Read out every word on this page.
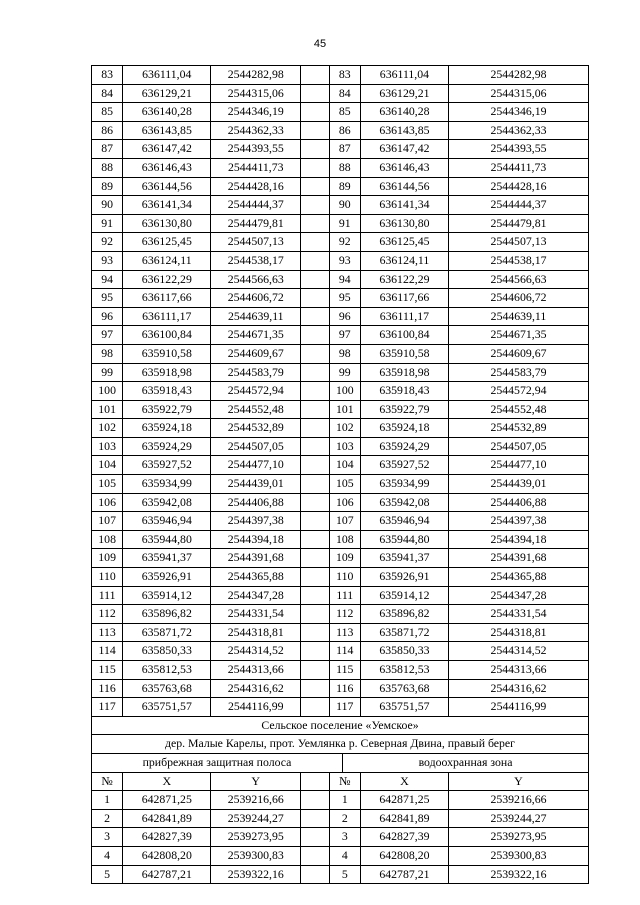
45
83	636111,04	2544282,98	83	636111,04	2544282,98
84	636129,21	2544315,06	84	636129,21	2544315,06
85	636140,28	2544346,19	85	636140,28	2544346,19
86	636143,85	2544362,33	86	636143,85	2544362,33
87	636147,42	2544393,55	87	636147,42	2544393,55
88	636146,43	2544411,73	88	636146,43	2544411,73
89	636144,56	2544428,16	89	636144,56	2544428,16
90	636141,34	2544444,37	90	636141,34	2544444,37
91	636130,80	2544479,81	91	636130,80	2544479,81
92	636125,45	2544507,13	92	636125,45	2544507,13
93	636124,11	2544538,17	93	636124,11	2544538,17
94	636122,29	2544566,63	94	636122,29	2544566,63
95	636117,66	2544606,72	95	636117,66	2544606,72
96	636111,17	2544639,11	96	636111,17	2544639,11
97	636100,84	2544671,35	97	636100,84	2544671,35
98	635910,58	2544609,67	98	635910,58	2544609,67
99	635918,98	2544583,79	99	635918,98	2544583,79
100	635918,43	2544572,94	100	635918,43	2544572,94
101	635922,79	2544552,48	101	635922,79	2544552,48
102	635924,18	2544532,89	102	635924,18	2544532,89
103	635924,29	2544507,05	103	635924,29	2544507,05
104	635927,52	2544477,10	104	635927,52	2544477,10
105	635934,99	2544439,01	105	635934,99	2544439,01
106	635942,08	2544406,88	106	635942,08	2544406,88
107	635946,94	2544397,38	107	635946,94	2544397,38
108	635944,80	2544394,18	108	635944,80	2544394,18
109	635941,37	2544391,68	109	635941,37	2544391,68
110	635926,91	2544365,88	110	635926,91	2544365,88
111	635914,12	2544347,28	111	635914,12	2544347,28
112	635896,82	2544331,54	112	635896,82	2544331,54
113	635871,72	2544318,81	113	635871,72	2544318,81
114	635850,33	2544314,52	114	635850,33	2544314,52
115	635812,53	2544313,66	115	635812,53	2544313,66
116	635763,68	2544316,62	116	635763,68	2544316,62
117	635751,57	2544116,99	117	635751,57	2544116,99
Сельское поселение «Уемское»
дер. Малые Карелы, прот. Уемлянка р. Северная Двина, правый берег
прибрежная защитная полоса	водоохранная зона
№	X	Y	№	X	Y
1	642871,25	2539216,66	1	642871,25	2539216,66
2	642841,89	2539244,27	2	642841,89	2539244,27
3	642827,39	2539273,95	3	642827,39	2539273,95
4	642808,20	2539300,83	4	642808,20	2539300,83
5	642787,21	2539322,16	5	642787,21	2539322,16
